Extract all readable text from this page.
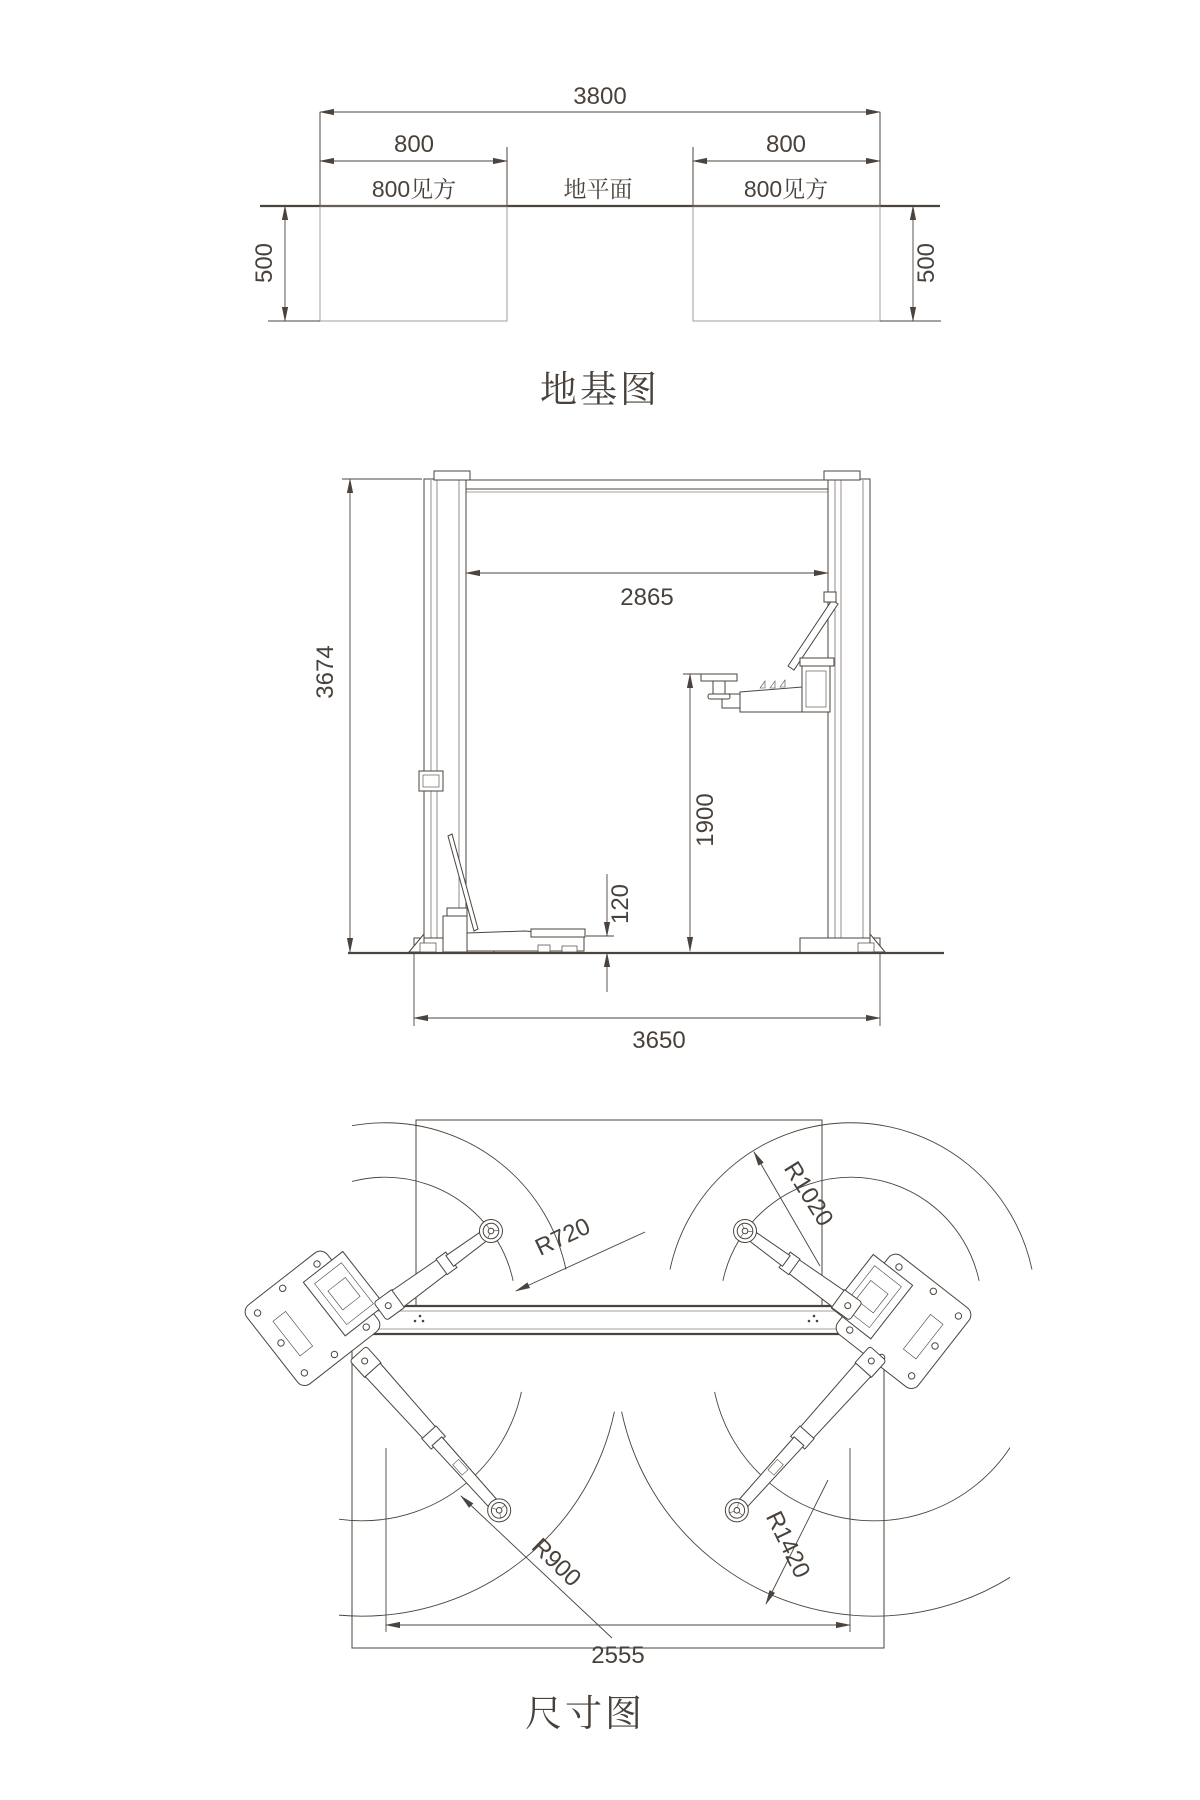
3800
800	800
800见方	地平面	800见方
500	500
地基图
3674
2865
1900
120
3650
R720
R1020
R900	R1420
2555
尺寸图
